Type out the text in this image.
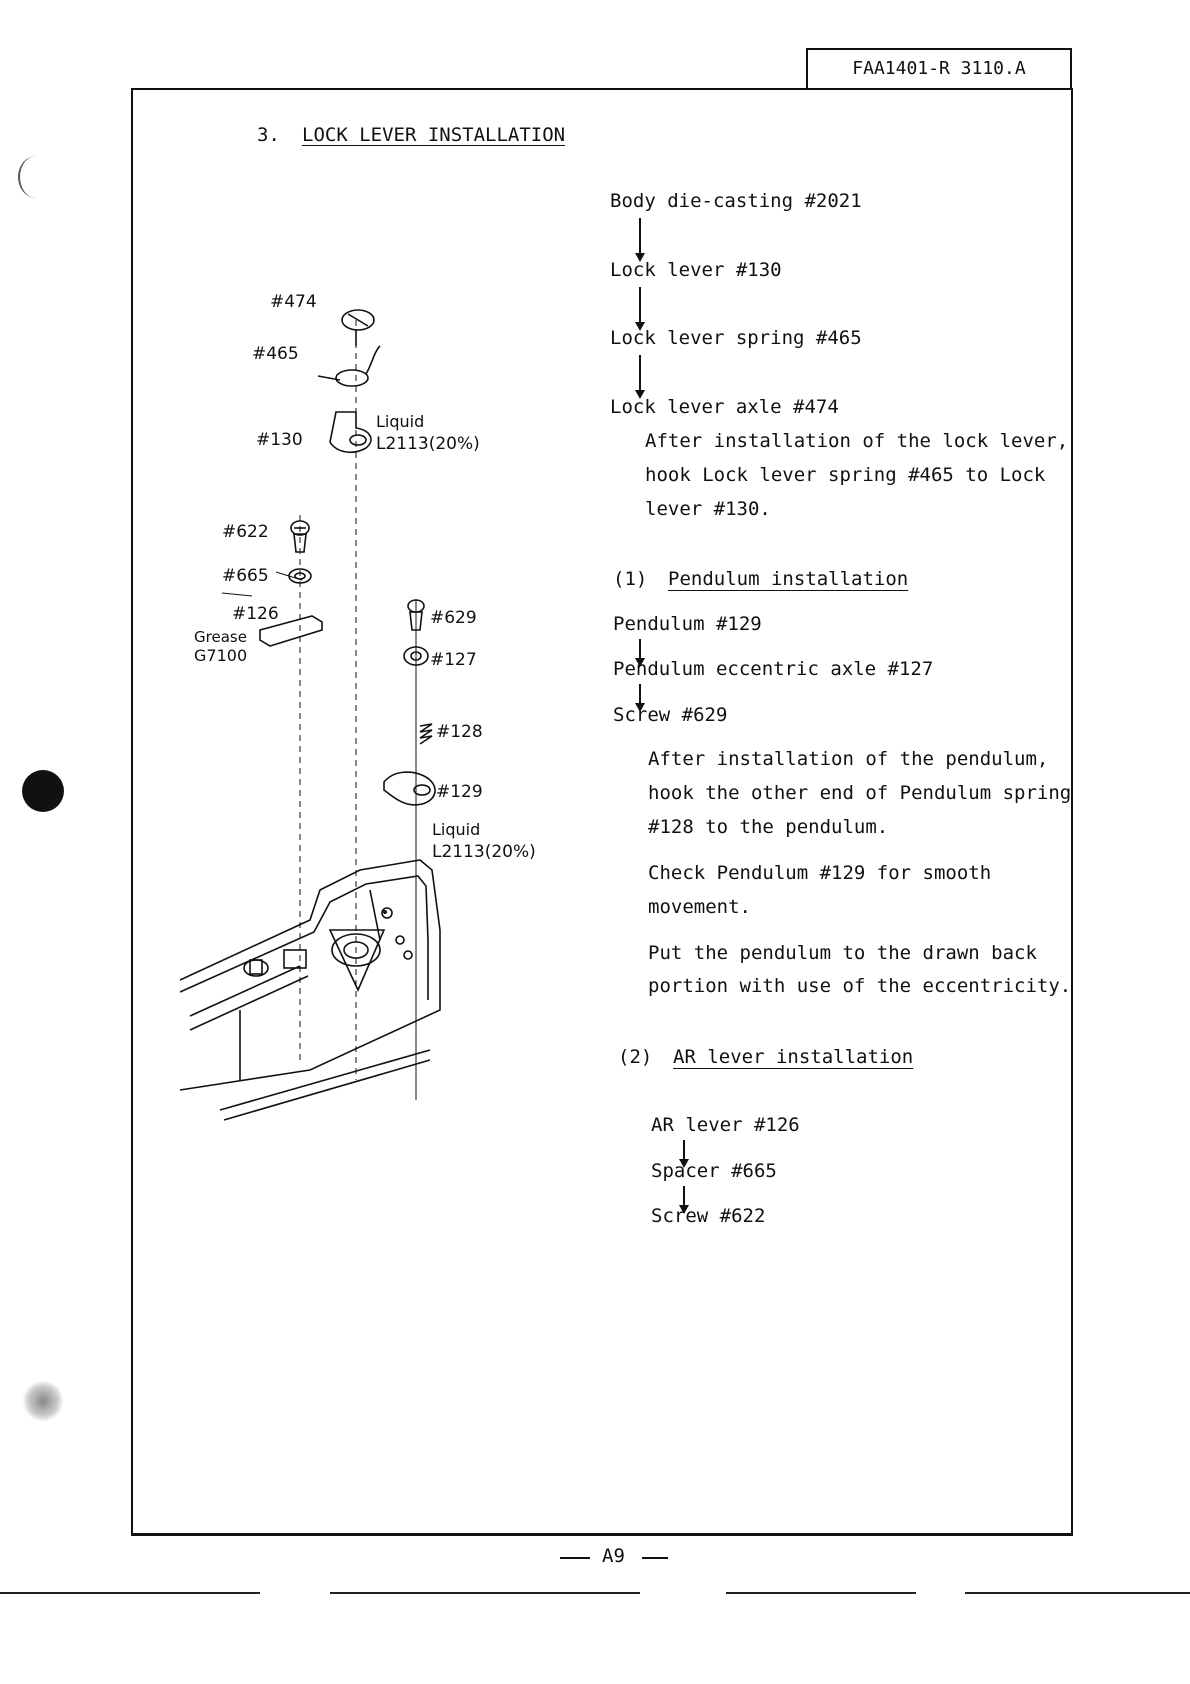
FAA1401-R 3110.A
3. LOCK LEVER INSTALLATION
Body die-casting #2021
Lock lever #130
Lock lever spring #465
Lock lever axle #474
After installation of the lock lever,
hook Lock lever spring #465 to Lock
lever #130.
(1) Pendulum installation
Pendulum #129
Pendulum eccentric axle #127
Screw #629
After installation of the pendulum,
hook the other end of Pendulum spring
#128 to the pendulum.
Check Pendulum #129 for smooth
movement.
Put the pendulum to the drawn back
portion with use of the eccentricity.
(2) AR lever installation
AR lever #126
Spacer #665
Screw #622
#474
#465
#130
Liquid
L2113(20%)
#622
#665
#126
Grease
G7100
#629
#127
#128
#129
Liquid
L2113(20%)
A9
